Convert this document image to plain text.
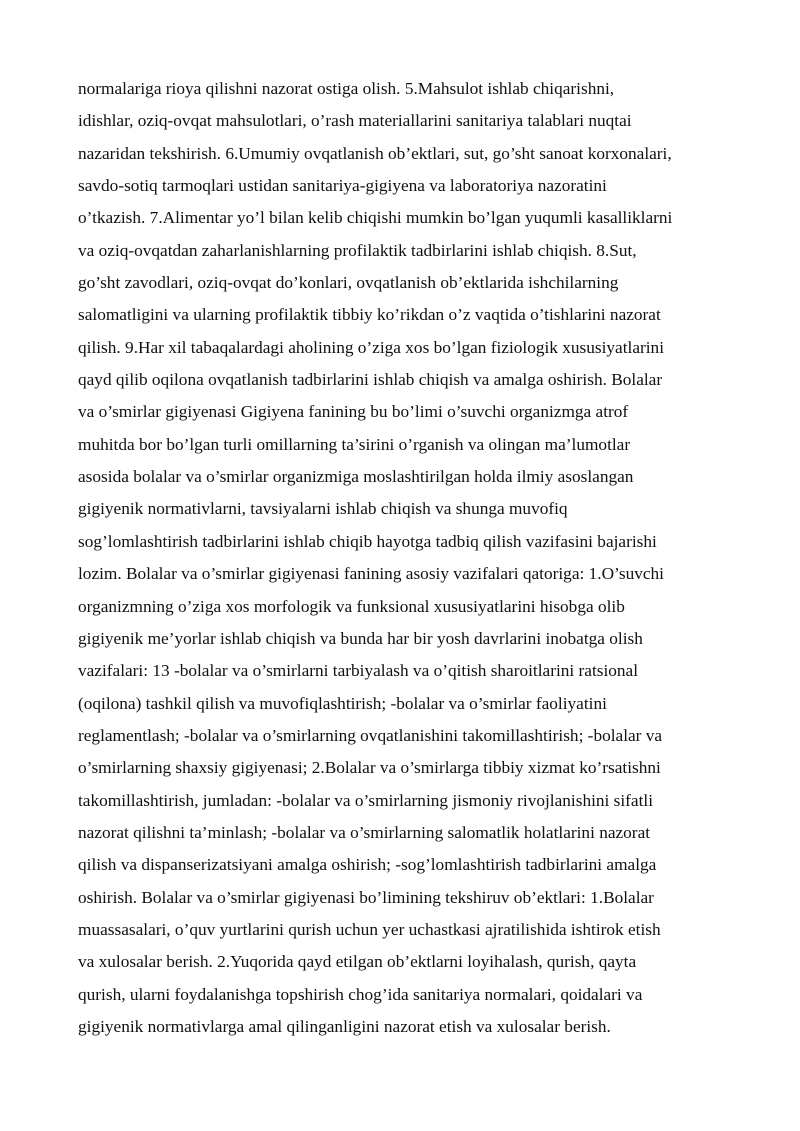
normalariga rioya qilishni nazorat ostiga olish. 5.Mahsulot ishlab chiqarishni,
idishlar, oziq-ovqat mahsulotlari, o’rash materiallarini sanitariya talablari nuqtai
nazaridan tekshirish. 6.Umumiy ovqatlanish ob’ektlari, sut, go’sht sanoat korxonalari,
savdo-sotiq tarmoqlari ustidan sanitariya-gigiyena va laboratoriya nazoratini
o’tkazish. 7.Alimentar yo’l bilan kelib chiqishi mumkin bo’lgan yuqumli kasalliklarni
va oziq-ovqatdan zaharlanishlarning profilaktik tadbirlarini ishlab chiqish. 8.Sut,
go’sht zavodlari, oziq-ovqat do’konlari, ovqatlanish ob’ektlarida ishchilarning
salomatligini va ularning profilaktik tibbiy ko’rikdan o’z vaqtida o’tishlarini nazorat
qilish. 9.Har xil tabaqalardagi aholining o’ziga xos bo’lgan fiziologik xususiyatlarini
qayd qilib oqilona ovqatlanish tadbirlarini ishlab chiqish va amalga oshirish. Bolalar
va o’smirlar gigiyenasi Gigiyena fanining bu bo’limi o’suvchi organizmga atrof
muhitda bor bo’lgan turli omillarning ta’sirini o’rganish va olingan ma’lumotlar
asosida bolalar va o’smirlar organizmiga moslashtirilgan holda ilmiy asoslangan
gigiyenik normativlarni, tavsiyalarni ishlab chiqish va shunga muvofiq
sog’lomlashtirish tadbirlarini ishlab chiqib hayotga tadbiq qilish vazifasini bajarishi
lozim. Bolalar va o’smirlar gigiyenasi fanining asosiy vazifalari qatoriga: 1.O’suvchi
organizmning o’ziga xos morfologik va funksional xususiyatlarini hisobga olib
gigiyenik me’yorlar ishlab chiqish va bunda har bir yosh davrlarini inobatga olish
vazifalari: 13 -bolalar va o’smirlarni tarbiyalash va o’qitish sharoitlarini ratsional
(oqilona) tashkil qilish va muvofiqlashtirish; -bolalar va o’smirlar faoliyatini
reglamentlash; -bolalar va o’smirlarning ovqatlanishini takomillashtirish; -bolalar va
o’smirlarning shaxsiy gigiyenasi; 2.Bolalar va o’smirlarga tibbiy xizmat ko’rsatishni
takomillashtirish, jumladan: -bolalar va o’smirlarning jismoniy rivojlanishini sifatli
nazorat qilishni ta’minlash; -bolalar va o’smirlarning salomatlik holatlarini nazorat
qilish va dispanserizatsiyani amalga oshirish; -sog’lomlashtirish tadbirlarini amalga
oshirish. Bolalar va o’smirlar gigiyenasi bo’limining tekshiruv ob’ektlari: 1.Bolalar
muassasalari, o’quv yurtlarini qurish uchun yer uchastkasi ajratilishida ishtirok etish
va xulosalar berish. 2.Yuqorida qayd etilgan ob’ektlarni loyihalash, qurish, qayta
qurish, ularni foydalanishga topshirish chog’ida sanitariya normalari, qoidalari va
gigiyenik normativlarga amal qilinganligini nazorat etish va xulosalar berish.
